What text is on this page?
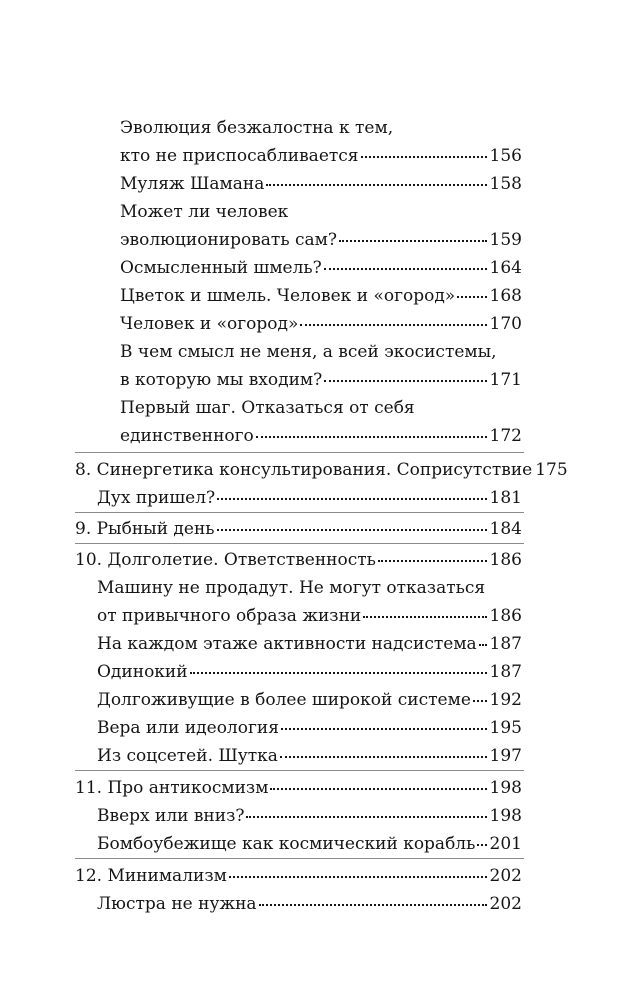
Эволюция безжалостна к тем,
кто не приспосабливается	156
Муляж Шамана	158
Может ли человек
эволюционировать сам?	159
Осмысленный шмель?	164
Цветок и шмель. Человек и «огород» 168
Человек и «огород»	170
В чем смысл не меня, а всей экосистемы,
в которую мы входим?	171
Первый шаг. Отказаться от себя
единственного	172
8. Синергетика консультирования. Соприсутствие 175
Дух пришел?	181
9. Рыбный день	184
10. Долголетие. Ответственность	186
Машину не продадут. Не могут отказаться
от привычного образа жизни	186
На каждом этаже активности надсистема 187
Одинокий	187
Долгоживущие в более широкой системе 192
Вера или идеология	195
Из соцсетей. Шутка	197
11. Про антикосмизм	198
Вверх или вниз?	198
Бомбоубежище как космический корабль 201
12. Минимализм	202
Люстра не нужна	202
